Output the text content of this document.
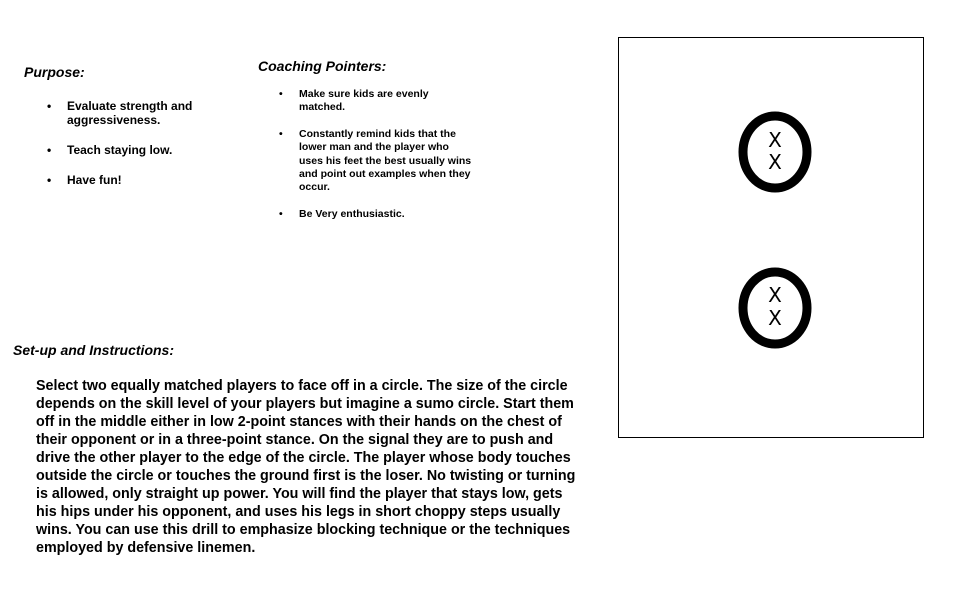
Purpose:
• Evaluate strength and aggressiveness.
• Teach staying low.
• Have fun!
Coaching Pointers:
• Make sure kids are evenly matched.
• Constantly remind kids that the lower man and the player who uses his feet the best usually wins and point out examples when they occur.
• Be Very enthusiastic.
Set-up and Instructions:

Select two equally matched players to face off in a circle. The size of the circle depends on the skill level of your players but imagine a sumo circle. Start them off in the middle either in low 2-point stances with their hands on the chest of their opponent or in a three-point stance. On the signal they are to push and drive the other player to the edge of the circle. The player whose body touches outside the circle or touches the ground first is the loser. No twisting or turning is allowed, only straight up power. You will find the player that stays low, gets his hips under his opponent, and uses his legs in short choppy steps usually wins. You can use this drill to emphasize blocking technique or the techniques employed by defensive linemen.

X
X
X
X
